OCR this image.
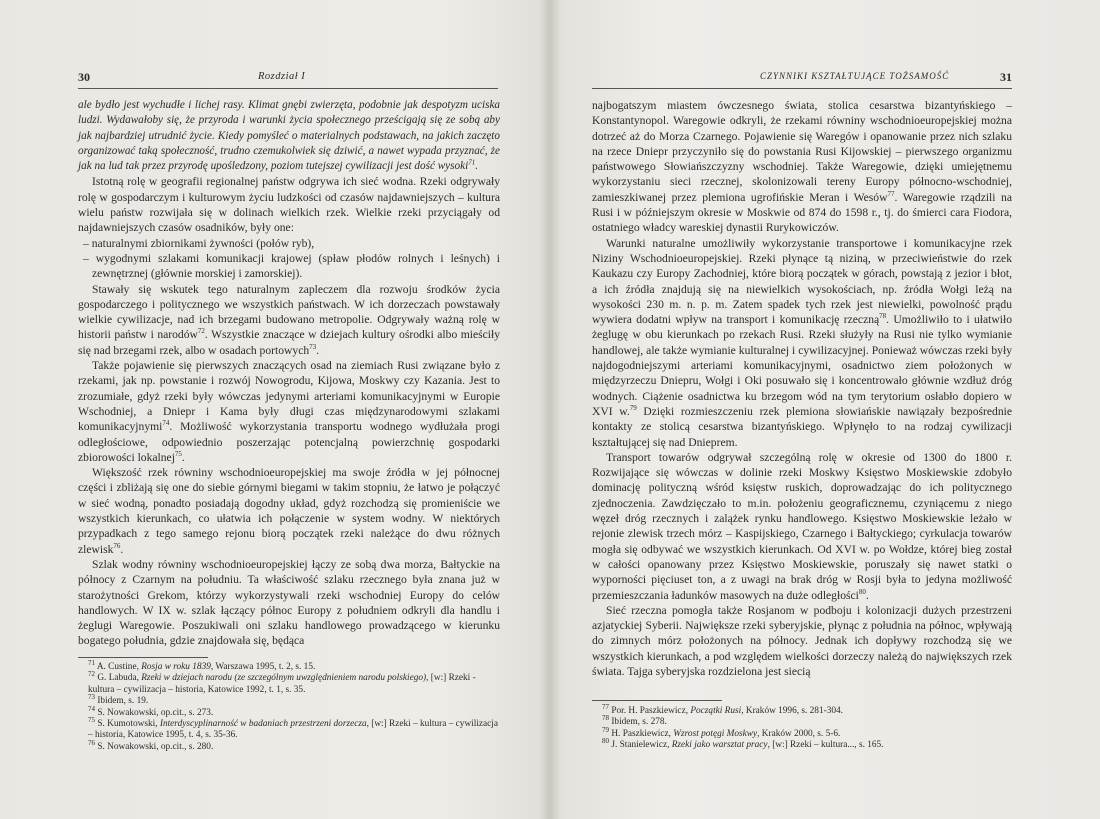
30	Rozdział I

ale bydło jest wychudłe i lichej rasy. Klimat gnębi zwierzęta, podobnie jak despotyzm uciska ludzi. Wydawałoby się, że przyroda i warunki życia społecznego prześcigają się ze sobą aby jak najbardziej utrudnić życie. Kiedy pomyśleć o materialnych podstawach, na jakich zaczęto organizować taką społeczność, trudno czemukolwiek się dziwić, a nawet wypada przyznać, że jak na lud tak przez przyrodę upośledzony, poziom tutejszej cywilizacji jest dość wysoki$^{71}$.

Istotną rolę w geografii regionalnej państw odgrywa ich sieć wodna. Rzeki odgrywały rolę w gospodarczym i kulturowym życiu ludzkości od czasów najdawniejszych – kultura wielu państw rozwijała się w dolinach wielkich rzek. Wielkie rzeki przyciągały od najdawniejszych czasów osadników, były one:

– naturalnymi zbiornikami żywności (połów ryb),
– wygodnymi szlakami komunikacji krajowej (spław płodów rolnych i leśnych) i zewnętrznej (głównie morskiej i zamorskiej).

Stawały się wskutek tego naturalnym zapleczem dla rozwoju środków życia gospodarczego i politycznego we wszystkich państwach. W ich dorzeczach powstawały wielkie cywilizacje, nad ich brzegami budowano metropolie. Odgrywały ważną rolę w historii państw i narodów$^{72}$. Wszystkie znaczące w dziejach kultury ośrodki albo mieściły się nad brzegami rzek, albo w osadach portowych$^{73}$.

Także pojawienie się pierwszych znaczących osad na ziemiach Rusi związane było z rzekami, jak np. powstanie i rozwój Nowogrodu, Kijowa, Moskwy czy Kazania. Jest to zrozumiałe, gdyż rzeki były wówczas jedynymi arteriami komunikacyjnymi w Europie Wschodniej, a Dniepr i Kama były długi czas międzynarodowymi szlakami komunikacyjnymi$^{74}$. Możliwość wykorzystania transportu wodnego wydłużała progi odległościowe, odpowiednio poszerzając potencjalną powierzchnię gospodarki zbiorowości lokalnej$^{75}$.

Większość rzek równiny wschodnioeuropejskiej ma swoje źródła w jej północnej części i zbliżają się one do siebie górnymi biegami w takim stopniu, że łatwo je połączyć w sieć wodną, ponadto posiadają dogodny układ, gdyż rozchodzą się promieniście we wszystkich kierunkach, co ułatwia ich połączenie w system wodny. W niektórych przypadkach z tego samego rejonu biorą początek rzeki należące do dwu różnych zlewisk$^{76}$.

Szlak wodny równiny wschodnioeuropejskiej łączy ze sobą dwa morza, Bałtyckie na północy z Czarnym na południu. Ta właściwość szlaku rzecznego była znana już w starożytności Grekom, którzy wykorzystywali rzeki wschodniej Europy do celów handlowych. W IX w. szlak łączący północ Europy z południem odkryli dla handlu i żeglugi Waregowie. Poszukiwali oni szlaku handlowego prowadzącego w kierunku bogatego południa, gdzie znajdowała się, będąca

$^{71}$ A. Custine, Rosja w roku 1839, Warszawa 1995, t. 2, s. 15.

$^{72}$ G. Labuda, Rzeki w dziejach narodu (ze szczególnym uwzględnieniem narodu polskiego), [w:] Rzeki - kultura – cywilizacja – historia, Katowice 1992, t. 1, s. 35.

$^{73}$ Ibidem, s. 19.

$^{74}$ S. Nowakowski, op.cit., s. 273.

$^{75}$ S. Kumotowski, Interdyscyplinarność w badaniach przestrzeni dorzecza, [w:] Rzeki – kultura – cywilizacja – historia, Katowice 1995, t. 4, s. 35-36.

$^{76}$ S. Nowakowski, op.cit., s. 280.

CZYNNIKI KSZTAŁTUJĄCE TOŻSAMOŚĆ	31

najbogatszym miastem ówczesnego świata, stolica cesarstwa bizantyńskiego – Konstantynopol. Waregowie odkryli, że rzekami równiny wschodnioeuropejskiej można dotrzeć aż do Morza Czarnego. Pojawienie się Waregów i opanowanie przez nich szlaku na rzece Dniepr przyczyniło się do powstania Rusi Kijowskiej – pierwszego organizmu państwowego Słowiańszczyzny wschodniej. Także Waregowie, dzięki umiejętnemu wykorzystaniu sieci rzecznej, skolonizowali tereny Europy północno-wschodniej, zamieszkiwanej przez plemiona ugrofińskie Meran i Wesów$^{77}$. Waregowie rządzili na Rusi i w późniejszym okresie w Moskwie od 874 do 1598 r., tj. do śmierci cara Fiodora, ostatniego władcy wareskiej dynastii Rurykowiczów.

Warunki naturalne umożliwiły wykorzystanie transportowe i komunikacyjne rzek Niziny Wschodnioeuropejskiej. Rzeki płynące tą niziną, w przeciwieństwie do rzek Kaukazu czy Europy Zachodniej, które biorą początek w górach, powstają z jezior i błot, a ich źródła znajdują się na niewielkich wysokościach, np. źródła Wołgi leżą na wysokości 230 m. n. p. m. Zatem spadek tych rzek jest niewielki, powolność prądu wywiera dodatni wpływ na transport i komunikację rzeczną$^{78}$. Umożliwiło to i ułatwiło żeglugę w obu kierunkach po rzekach Rusi. Rzeki służyły na Rusi nie tylko wymianie handlowej, ale także wymianie kulturalnej i cywilizacyjnej. Ponieważ wówczas rzeki były najdogodniejszymi arteriami komunikacyjnymi, osadnictwo ziem położonych w międzyrzeczu Dniepru, Wołgi i Oki posuwało się i koncentrowało głównie wzdłuż dróg wodnych. Ciążenie osadnictwa ku brzegom wód na tym terytorium osłabło dopiero w XVI w.$^{79}$ Dzięki rozmieszczeniu rzek plemiona słowiańskie nawiązały bezpośrednie kontakty ze stolicą cesarstwa bizantyńskiego. Wpłynęło to na rodzaj cywilizacji kształtującej się nad Dnieprem.

Transport towarów odgrywał szczególną rolę w okresie od 1300 do 1800 r. Rozwijające się wówczas w dolinie rzeki Moskwy Księstwo Moskiewskie zdobyło dominację polityczną wśród księstw ruskich, doprowadzając do ich politycznego zjednoczenia. Zawdzięczało to m.in. położeniu geograficznemu, czyniącemu z niego węzeł dróg rzecznych i zalążek rynku handlowego. Księstwo Moskiewskie leżało w rejonie zlewisk trzech mórz – Kaspijskiego, Czarnego i Bałtyckiego; cyrkulacja towarów mogła się odbywać we wszystkich kierunkach. Od XVI w. po Wołdze, której bieg został w całości opanowany przez Księstwo Moskiewskie, poruszały się nawet statki o wyporności pięciuset ton, a z uwagi na brak dróg w Rosji była to jedyna możliwość przemieszczania ładunków masowych na duże odległości$^{80}$.

Sieć rzeczna pomogła także Rosjanom w podboju i kolonizacji dużych przestrzeni azjatyckiej Syberii. Największe rzeki syberyjskie, płynąc z południa na północ, wpływają do zimnych mórz położonych na północy. Jednak ich dopływy rozchodzą się we wszystkich kierunkach, a pod względem wielkości dorzeczy należą do największych rzek świata. Tajga syberyjska rozdzielona jest siecią

$^{77}$ Por. H. Paszkiewicz, Początki Rusi, Kraków 1996, s. 281-304.

$^{78}$ Ibidem, s. 278.

$^{79}$ H. Paszkiewicz, Wzrost potęgi Moskwy, Kraków 2000, s. 5-6.

$^{80}$ J. Stanielewicz, Rzeki jako warsztat pracy, [w:] Rzeki – kultura..., s. 165.
